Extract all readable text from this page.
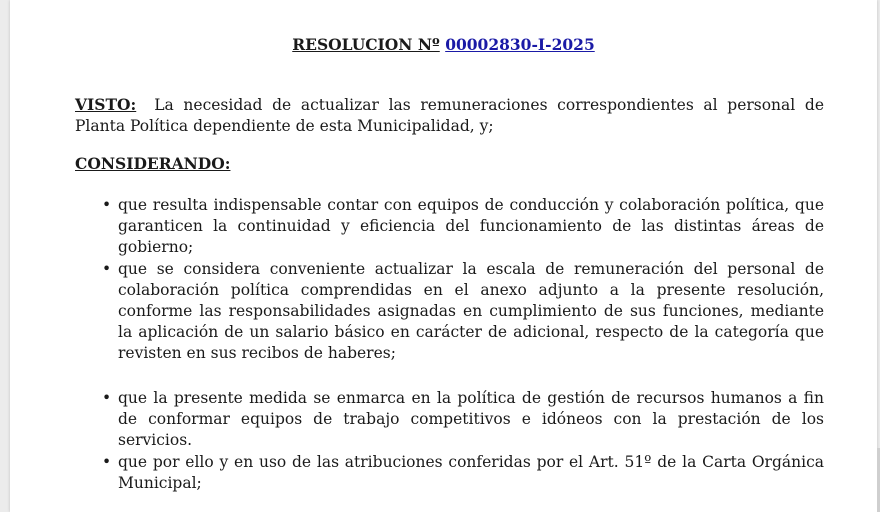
RESOLUCION Nº 00002830-I-2025
VISTO: La necesidad de actualizar las remuneraciones correspondientes al personal de Planta Política dependiente de esta Municipalidad, y;
CONSIDERANDO:
• que resulta indispensable contar con equipos de conducción y colaboración política, que garanticen la continuidad y eficiencia del funcionamiento de las distintas áreas de gobierno;
• que se considera conveniente actualizar la escala de remuneración del personal de colaboración política comprendidas en el anexo adjunto a la presente resolución, conforme las responsabilidades asignadas en cumplimiento de sus funciones, mediante la aplicación de un salario básico en carácter de adicional, respecto de la categoría que revisten en sus recibos de haberes;
• que la presente medida se enmarca en la política de gestión de recursos humanos a fin de conformar equipos de trabajo competitivos e idóneos con la prestación de los servicios.
• que por ello y en uso de las atribuciones conferidas por el Art. 51º de la Carta Orgánica Municipal;
